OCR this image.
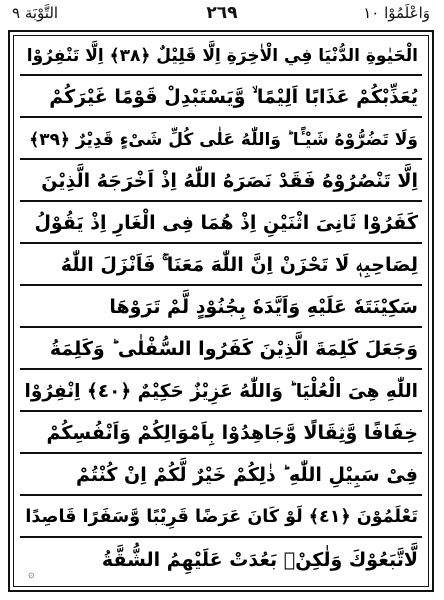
وَاعْلَمُوْا ١٠
٢٦٩
التَّوْبَة ٩
الْحَيٰوةِ الدُّنْيَا فِي الْاٰخِرَةِ اِلَّا قَلِيْلٌ ﴿٣٨﴾ اِلَّا تَنْفِرُوْا
يُعَذِّبْكُمْ عَذَابًا اَلِيْمًا ۙ وَّيَسْتَبْدِلْ قَوْمًا غَيْرَكُمْ
وَلَا تَضُرُّوْهُ شَيْـًٔا ؕ وَاللّٰهُ عَلٰى كُلِّ شَىْءٍ قَدِيْرٌ ﴿٣٩﴾
اِلَّا تَنْصُرُوْهُ فَقَدْ نَصَرَهُ اللّٰهُ اِذْ اَخْرَجَهُ الَّذِيْنَ
كَفَرُوْا ثَانِىَ اثْنَيْنِ اِذْ هُمَا فِى الْغَارِ اِذْ يَقُوْلُ
لِصَاحِبِهٖ لَا تَحْزَنْ اِنَّ اللّٰهَ مَعَنَا ۚ فَاَنْزَلَ اللّٰهُ
سَكِيْنَتَهٗ عَلَيْهِ وَاَيَّدَهٗ بِجُنُوْدٍ لَّمْ تَرَوْهَا
وَجَعَلَ كَلِمَةَ الَّذِيْنَ كَفَرُوا السُّفْلٰى ؕ وَكَلِمَةُ
اللّٰهِ هِىَ الْعُلْيَا ؕ وَاللّٰهُ عَزِيْزٌ حَكِيْمٌ ﴿٤٠﴾ اِنْفِرُوْا
خِفَافًا وَّثِقَالًا وَّجَاهِدُوْا بِاَمْوَالِكُمْ وَاَنْفُسِكُمْ
فِىْ سَبِيْلِ اللّٰهِ ؕ ذٰلِكُمْ خَيْرٌ لَّكُمْ اِنْ كُنْتُمْ
تَعْلَمُوْنَ ﴿٤١﴾ لَوْ كَانَ عَرَضًا قَرِيْبًا وَّسَفَرًا قَاصِدًا
لَّاتَّبَعُوْكَ وَلٰكِنْۢ بَعُدَتْ عَلَيْهِمُ الشُّقَّةُ
۞
